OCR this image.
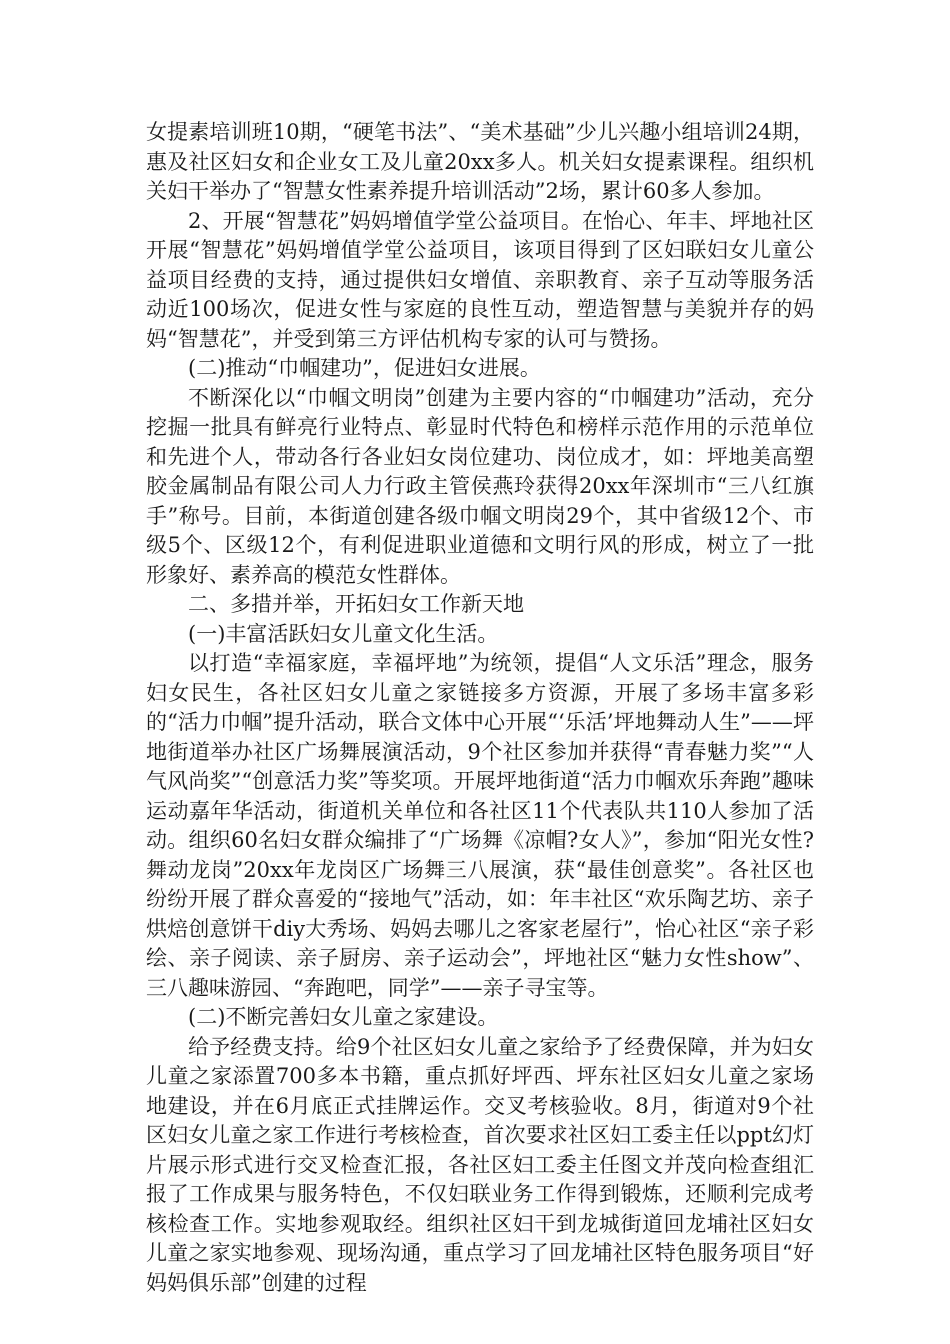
女提素培训班10期，“硬笔书法”、“美术基础”少儿兴趣小组培训24期，惠及社区妇女和企业女工及儿童20xx多人。机关妇女提素课程。组织机关妇干举办了“智慧女性素养提升培训活动”2场，累计60多人参加。

2、开展“智慧花”妈妈增值学堂公益项目。在怡心、年丰、坪地社区开展“智慧花”妈妈增值学堂公益项目，该项目得到了区妇联妇女儿童公益项目经费的支持，通过提供妇女增值、亲职教育、亲子互动等服务活动近100场次，促进女性与家庭的良性互动，塑造智慧与美貌并存的妈妈“智慧花”，并受到第三方评估机构专家的认可与赞扬。

(二)推动“巾帼建功”，促进妇女进展。

不断深化以“巾帼文明岗”创建为主要内容的“巾帼建功”活动，充分挖掘一批具有鲜亮行业特点、彰显时代特色和榜样示范作用的示范单位和先进个人，带动各行各业妇女岗位建功、岗位成才，如：坪地美高塑胶金属制品有限公司人力行政主管侯燕玲获得20xx年深圳市“三八红旗手”称号。目前，本街道创建各级巾帼文明岗29个，其中省级12个、市级5个、区级12个，有利促进职业道德和文明行风的形成，树立了一批形象好、素养高的模范女性群体。

二、多措并举，开拓妇女工作新天地

(一)丰富活跃妇女儿童文化生活。

以打造“幸福家庭，幸福坪地”为统领，提倡“人文乐活”理念，服务妇女民生，各社区妇女儿童之家链接多方资源，开展了多场丰富多彩的“活力巾帼”提升活动，联合文体中心开展“‘乐活’坪地舞动人生”——坪地街道举办社区广场舞展演活动，9个社区参加并获得“青春魅力奖”“人气风尚奖”“创意活力奖”等奖项。开展坪地街道“活力巾帼欢乐奔跑”趣味运动嘉年华活动，街道机关单位和各社区11个代表队共110人参加了活动。组织60名妇女群众编排了“广场舞《凉帽?女人》”，参加“阳光女性?舞动龙岗”20xx年龙岗区广场舞三八展演，获“最佳创意奖”。各社区也纷纷开展了群众喜爱的“接地气”活动，如：年丰社区“欢乐陶艺坊、亲子烘焙创意饼干diy大秀场、妈妈去哪儿之客家老屋行”，怡心社区“亲子彩绘、亲子阅读、亲子厨房、亲子运动会”，坪地社区“魅力女性show”、三八趣味游园、“奔跑吧，同学”——亲子寻宝等。

(二)不断完善妇女儿童之家建设。

给予经费支持。给9个社区妇女儿童之家给予了经费保障，并为妇女儿童之家添置700多本书籍，重点抓好坪西、坪东社区妇女儿童之家场地建设，并在6月底正式挂牌运作。交叉考核验收。8月，街道对9个社区妇女儿童之家工作进行考核检查，首次要求社区妇工委主任以ppt幻灯片展示形式进行交叉检查汇报，各社区妇工委主任图文并茂向检查组汇报了工作成果与服务特色，不仅妇联业务工作得到锻炼，还顺利完成考核检查工作。实地参观取经。组织社区妇干到龙城街道回龙埔社区妇女儿童之家实地参观、现场沟通，重点学习了回龙埔社区特色服务项目“好妈妈俱乐部”创建的过程
